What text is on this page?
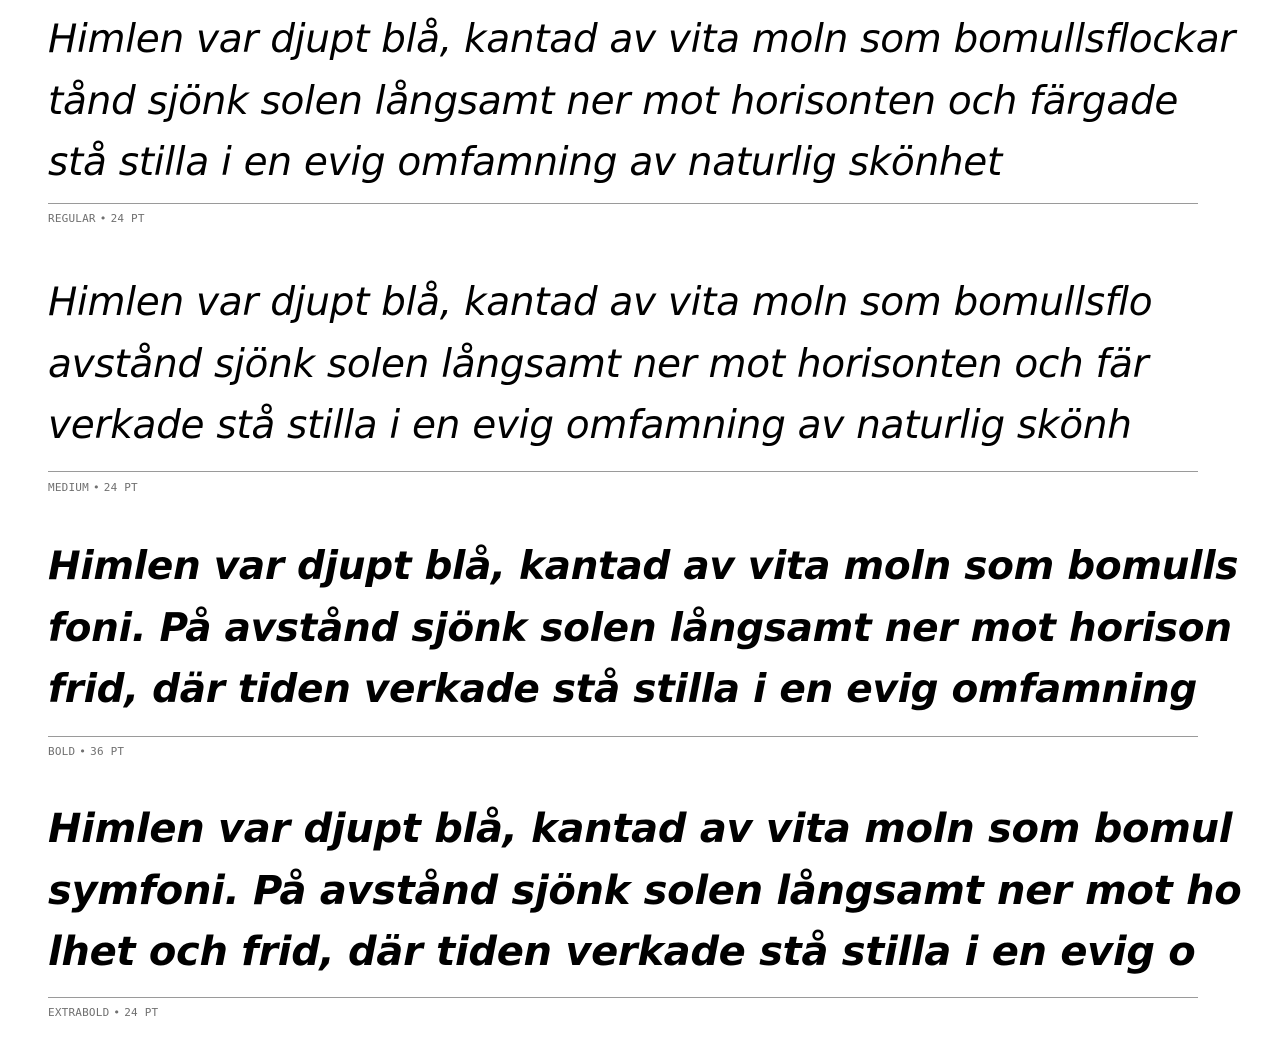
Himlen var djupt blå, kantad av vita moln som bomullsflockar
tånd sjönk solen långsamt ner mot horisonten och färgade
stå stilla i en evig omfamning av naturlig skönhet

REGULAR • 24 PT

Himlen var djupt blå, kantad av vita moln som bomullsflo
avstånd sjönk solen långsamt ner mot horisonten och fär
verkade stå stilla i en evig omfamning av naturlig skönh

MEDIUM • 24 PT

Himlen var djupt blå, kantad av vita moln som bomulls
foni. På avstånd sjönk solen långsamt ner mot horison
frid, där tiden verkade stå stilla i en evig omfamning

BOLD • 36 PT

Himlen var djupt blå, kantad av vita moln som bomul
symfoni. På avstånd sjönk solen långsamt ner mot ho
lhet och frid, där tiden verkade stå stilla i en evig o

EXTRABOLD • 24 PT
